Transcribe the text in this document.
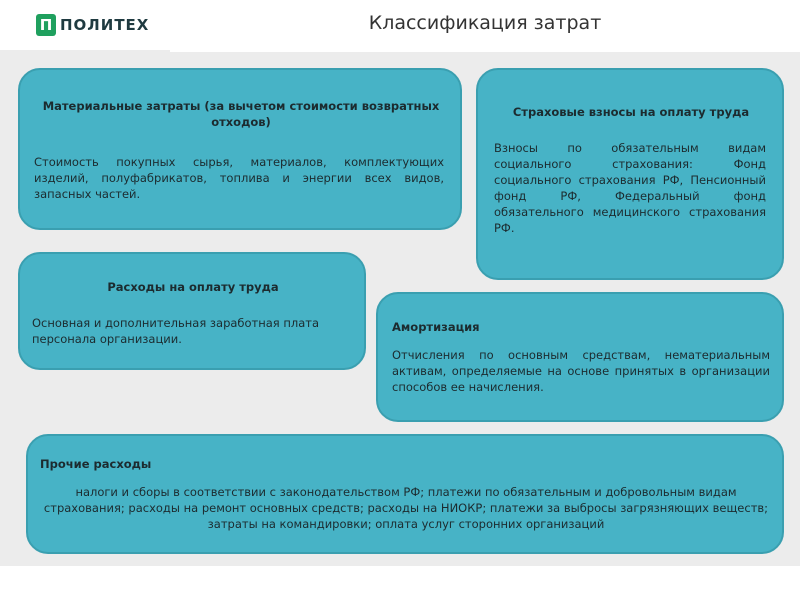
П ПОЛИТЕХ	Классификация затрат
Материальные затраты (за вычетом стоимости возвратных отходов)
Стоимость покупных сырья, материалов, комплектующих изделий, полуфабрикатов, топлива и энергии всех видов, запасных частей.
Страховые взносы на оплату труда
Взносы по обязательным видам социального страхования: Фонд социального страхования РФ, Пенсионный фонд РФ, Федеральный фонд обязательного медицинского страхования РФ.
Расходы на оплату труда
Основная и дополнительная заработная плата персонала организации.
Амортизация
Отчисления по основным средствам, нематериальным активам, определяемые на основе принятых в организации способов ее начисления.
Прочие расходы
налоги и сборы в соответствии с законодательством РФ; платежи по обязательным и добровольным видам страхования; расходы на ремонт основных средств; расходы на НИОКР; платежи за выбросы загрязняющих веществ; затраты на командировки; оплата услуг сторонних организаций
